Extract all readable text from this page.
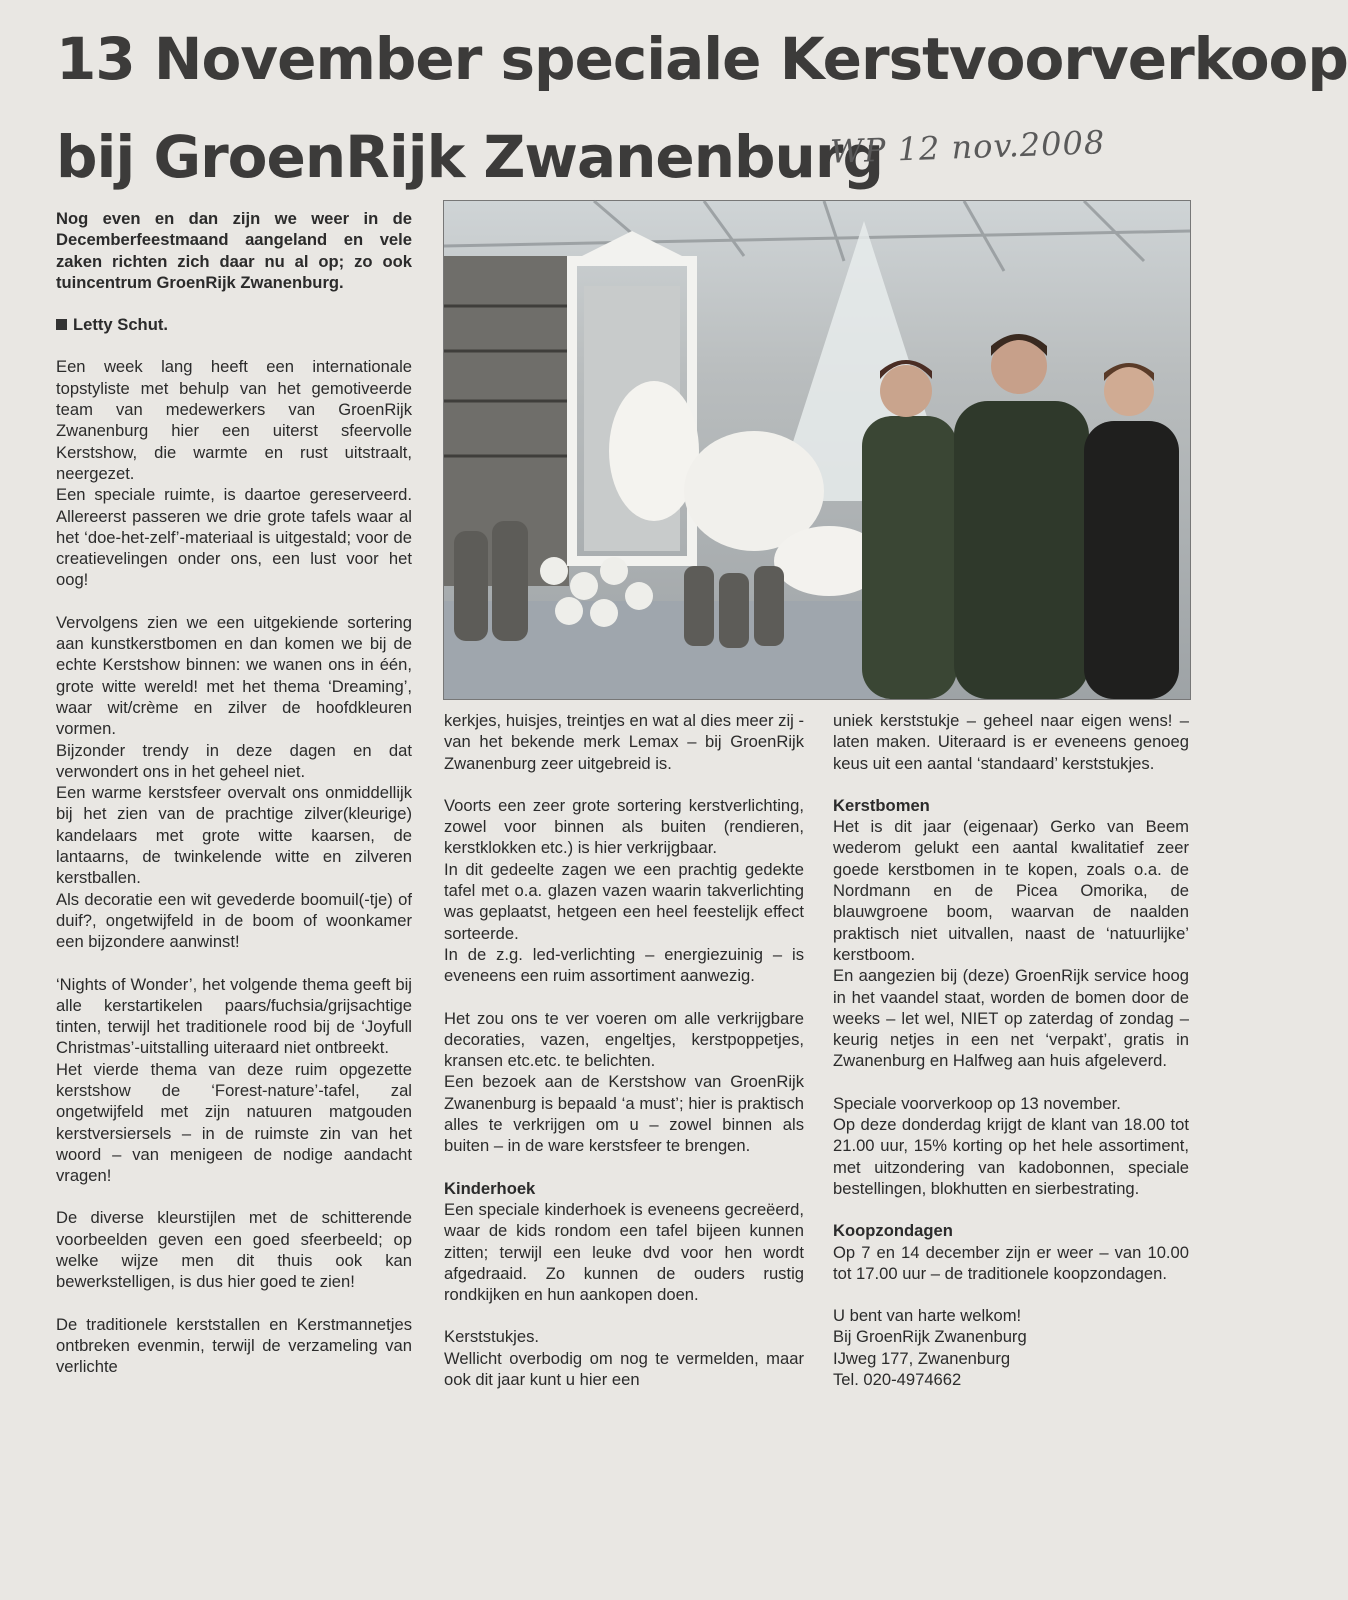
13 November speciale Kerstvoorverkoop
bij GroenRijk Zwanenburg
WP 12 nov.2008

Nog even en dan zijn we weer in de Decemberfeestmaand aangeland en vele zaken richten zich daar nu al op; zo ook tuincentrum GroenRijk Zwanenburg.

Letty Schut.

Een week lang heeft een internationale topstyliste met behulp van het gemotiveerde team van medewerkers van GroenRijk Zwanenburg hier een uiterst sfeervolle Kerstshow, die warmte en rust uitstraalt, neergezet.

Een speciale ruimte, is daartoe gereserveerd. Allereerst passeren we drie grote tafels waar al het ‘doe-het-zelf’-materiaal is uitgestald; voor de creatievelingen onder ons, een lust voor het oog!

Vervolgens zien we een uitgekiende sortering aan kunstkerstbomen en dan komen we bij de echte Kerstshow binnen: we wanen ons in één, grote witte wereld! met het thema ‘Dreaming’, waar wit/crème en zilver de hoofdkleuren vormen.

Bijzonder trendy in deze dagen en dat verwondert ons in het geheel niet.

Een warme kerstsfeer overvalt ons onmiddellijk bij het zien van de prachtige zilver(kleurige) kandelaars met grote witte kaarsen, de lantaarns, de twinkelende witte en zilveren kerstballen.

Als decoratie een wit gevederde boomuil(-tje) of duif?, ongetwijfeld in de boom of woonkamer een bijzondere aanwinst!

‘Nights of Wonder’, het volgende thema geeft bij alle kerstartikelen paars/fuchsia/grijsachtige tinten, terwijl het traditionele rood bij de ‘Joyfull Christmas’-uitstalling uiteraard niet ontbreekt.

Het vierde thema van deze ruim opgezette kerstshow de ‘Forest-nature’-tafel, zal ongetwijfeld met zijn natuuren matgouden kerstversiersels – in de ruimste zin van het woord – van menigeen de nodige aandacht vragen!

De diverse kleurstijlen met de schitterende voorbeelden geven een goed sfeerbeeld; op welke wijze men dit thuis ook kan bewerkstelligen, is dus hier goed te zien!

De traditionele kerststallen en Kerstmannetjes ontbreken evenmin, terwijl de verzameling van verlichte

kerkjes, huisjes, treintjes en wat al dies meer zij - van het bekende merk Lemax – bij GroenRijk Zwanenburg zeer uitgebreid is.

Voorts een zeer grote sortering kerstverlichting, zowel voor binnen als buiten (rendieren, kerstklokken etc.) is hier verkrijgbaar.

In dit gedeelte zagen we een prachtig gedekte tafel met o.a. glazen vazen waarin takverlichting was geplaatst, hetgeen een heel feestelijk effect sorteerde.

In de z.g. led-verlichting – energiezuinig – is eveneens een ruim assortiment aanwezig.

Het zou ons te ver voeren om alle verkrijgbare decoraties, vazen, engeltjes, kerstpoppetjes, kransen etc.etc. te belichten.

Een bezoek aan de Kerstshow van GroenRijk Zwanenburg is bepaald ‘a must’; hier is praktisch alles te verkrijgen om u – zowel binnen als buiten – in de ware kerstsfeer te brengen.

Kinderhoek

Een speciale kinderhoek is eveneens gecreëerd, waar de kids rondom een tafel bijeen kunnen zitten; terwijl een leuke dvd voor hen wordt afgedraaid. Zo kunnen de ouders rustig rondkijken en hun aankopen doen.

Kerststukjes.

Wellicht overbodig om nog te vermelden, maar ook dit jaar kunt u hier een

uniek kerststukje – geheel naar eigen wens! – laten maken. Uiteraard is er eveneens genoeg keus uit een aantal ‘standaard’ kerststukjes.

Kerstbomen

Het is dit jaar (eigenaar) Gerko van Beem wederom gelukt een aantal kwalitatief zeer goede kerstbomen in te kopen, zoals o.a. de Nordmann en de Picea Omorika, de blauwgroene boom, waarvan de naalden praktisch niet uitvallen, naast de ‘natuurlijke’ kerstboom.

En aangezien bij (deze) GroenRijk service hoog in het vaandel staat, worden de bomen door de weeks – let wel, NIET op zaterdag of zondag – keurig netjes in een net ‘verpakt’, gratis in Zwanenburg en Halfweg aan huis afgeleverd.

Speciale voorverkoop op 13 november.

Op deze donderdag krijgt de klant van 18.00 tot 21.00 uur, 15% korting op het hele assortiment, met uitzondering van kadobonnen, speciale bestellingen, blokhutten en sierbestrating.

Koopzondagen

Op 7 en 14 december zijn er weer – van 10.00 tot 17.00 uur – de traditionele koopzondagen.

U bent van harte welkom!
Bij GroenRijk Zwanenburg
IJweg 177, Zwanenburg
Tel. 020-4974662
